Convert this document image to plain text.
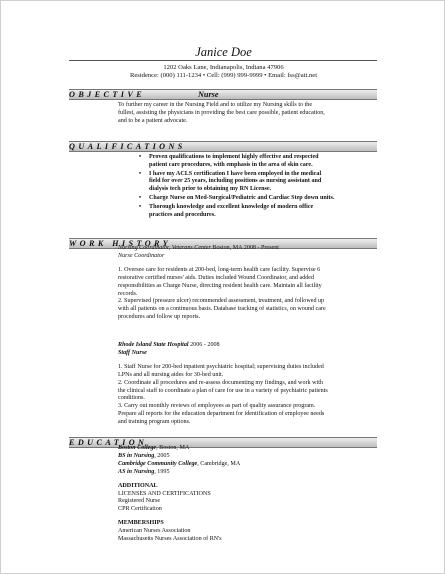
Janice Doe
1202 Oaks Lane, Indianapolis, Indiana 47906
Residence: (000) 111-1234 • Cell: (999) 999-9999 • Email: fss@att.net
OBJECTIVE	Nurse

To further my career in the Nursing Field and to utilize my Nursing skills to the

fullest, assisting the physicians in providing the best care possible, patient education,

and to be a patient advocate.

QUALIFICATIONS
• Proven qualifications to implement highly effective and respected
patient care procedures, with emphasis in the area of skin care.
• I have my ACLS certification I have been employed in the medical
field for over 25 years, including positions as nursing assistant and
dialysis tech prior to obtaining my RN License.
• Charge Nurse on Med-Surgical/Pediatric and Cardiac Step down units.
• Thorough knowledge and excellent knowledge of modern office
practices and procedures.
WORK HISTORY

Nursing Coordinator, Veterans Center Boston, MA 2008 - Present

Nurse Coordinator

1. Oversee care for residents at 200-bed, long-term health care facility. Supervise 6

restorative certified nurses' aids. Duties included Wound Coordinator, and added

responsibilities as Charge Nurse, directing resident health care. Maintain all facility

records.

2. Supervised (pressure ulcer) recommended assessment, treatment, and followed up

with all patients on a continuous basis. Database tracking of statistics, on wound care

procedures and follow up reports.

Rhode Island State Hospital 2006 - 2008

Staff Nurse

1. Staff Nurse for 200-bed inpatient psychiatric hospital; supervising duties included

LPNs and all nursing aides for 30-bed unit.

2. Coordinate all procedures and re-assess documenting my findings, and work with

the clinical staff to coordinate a plan of care for use in a variety of psychiatric patients

conditions.

3. Carry out monthly reviews of employees as part of quality assurance program.

Prepare all reports for the education department for identification of employee needs

and training program options.

EDUCATION

Boston College, Boston, MA

BS in Nursing, 2005

Cambridge Community College, Cambridge, MA

AS in Nursing, 1995

ADDITIONAL

LICENSES AND CERTIFICATIONS

Registered Nurse

CPR Certification

MEMBERSHIPS

American Nurses Association

Massachusetts Nurses Association of RN's
